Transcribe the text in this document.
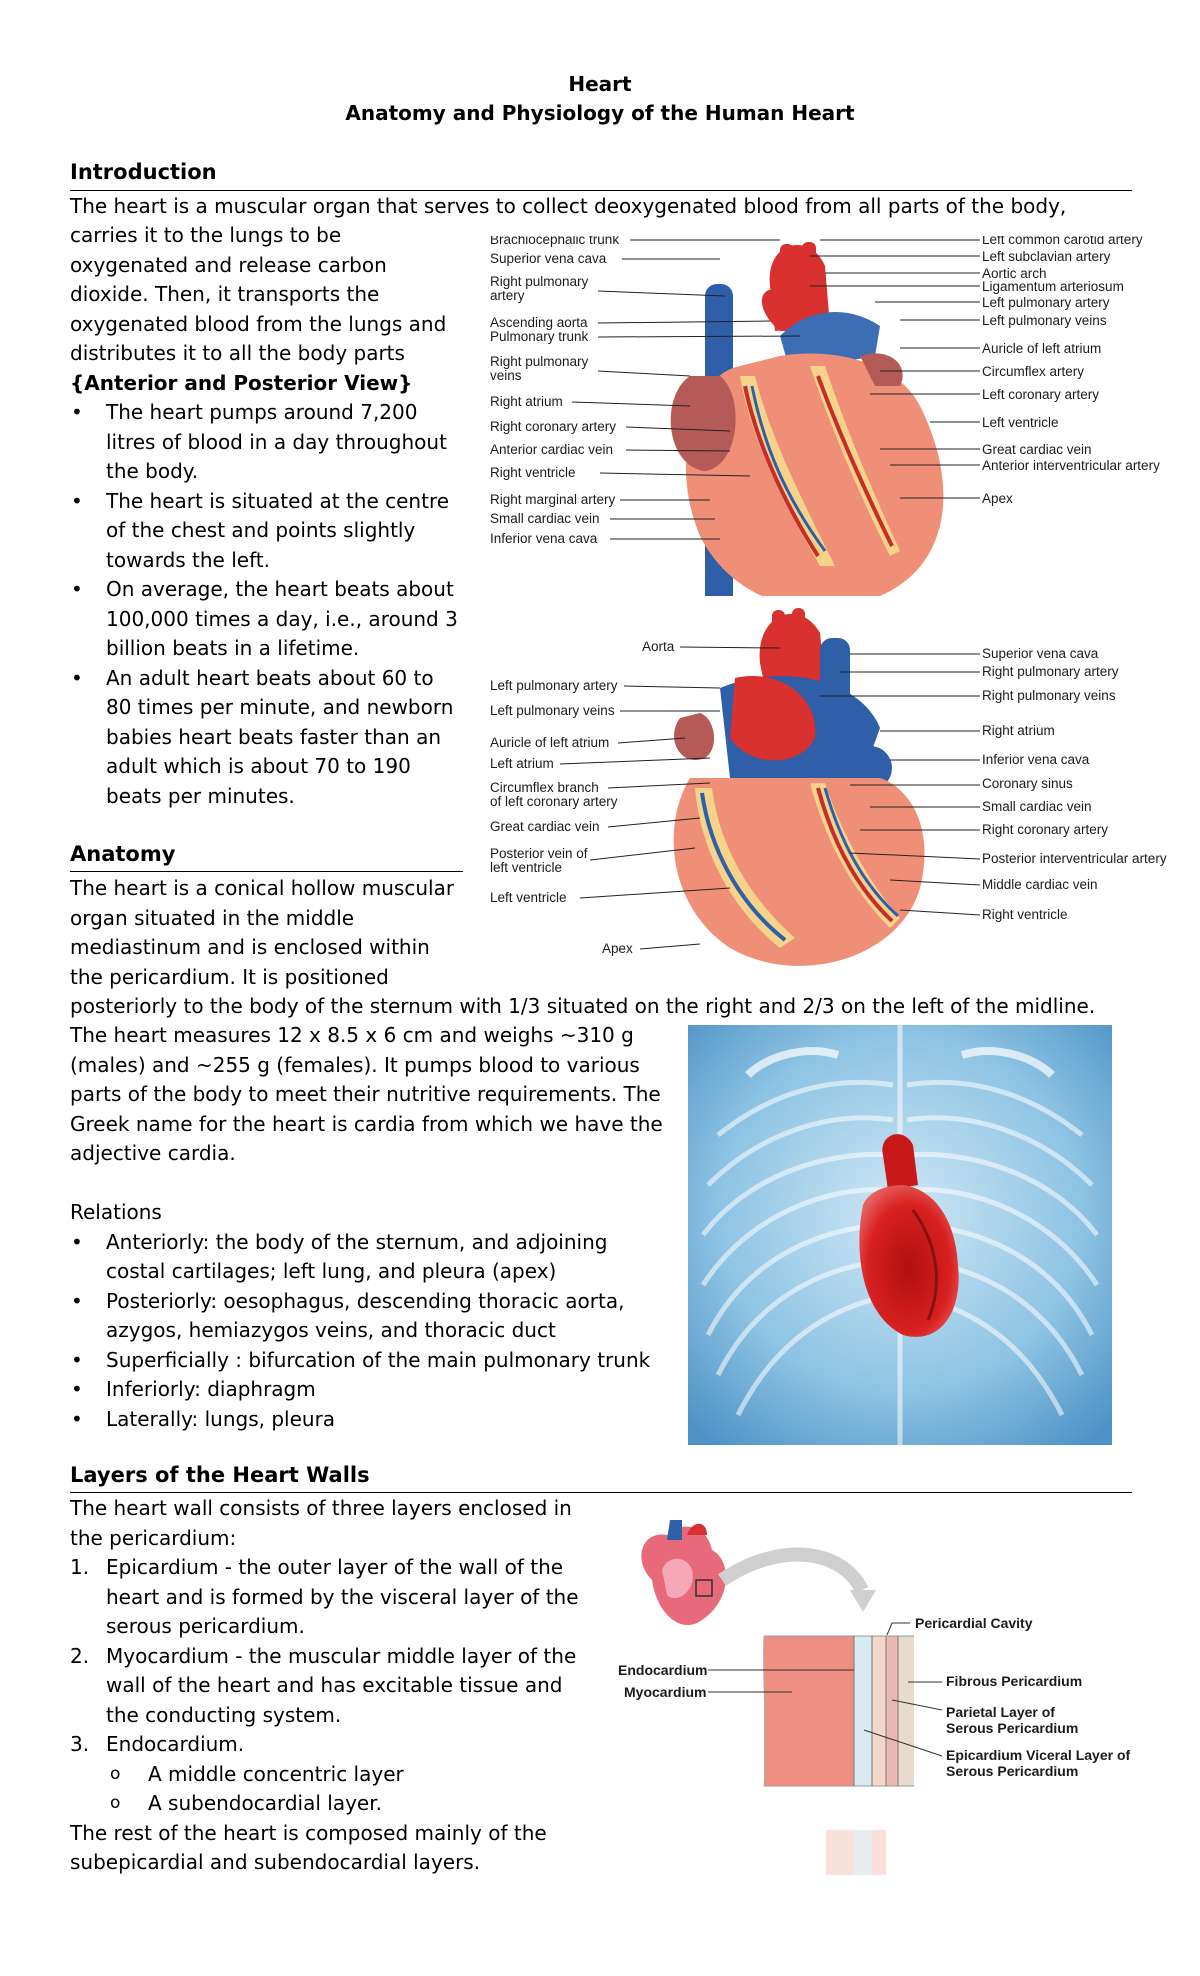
Heart
Anatomy and Physiology of the Human Heart
Introduction
The heart is a muscular organ that serves to collect deoxygenated blood from all parts of the body,
carries it to the lungs to be
oxygenated and release carbon
dioxide. Then, it transports the
oxygenated blood from the lungs and
distributes it to all the body parts
{Anterior and Posterior View}
• The heart pumps around 7,200
litres of blood in a day throughout
the body.
• The heart is situated at the centre
of the chest and points slightly
towards the left.
• On average, the heart beats about
100,000 times a day, i.e., around 3
billion beats in a lifetime.
• An adult heart beats about 60 to
80 times per minute, and newborn
babies heart beats faster than an
adult which is about 70 to 190
beats per minutes.
Brachiocephalic trunk
Superior vena cava
Right pulmonary
artery
Ascending aorta
Pulmonary trunk
Right pulmonary
veins
Right atrium
Right coronary artery
Anterior cardiac vein
Right ventricle
Right marginal artery
Small cardiac vein
Inferior vena cava
Left common carotid artery
Left subclavian artery
Aortic arch
Ligamentum arteriosum
Left pulmonary artery
Left pulmonary veins
Auricle of left atrium
Circumflex artery
Left coronary artery
Left ventricle
Great cardiac vein
Anterior interventricular artery
Apex
Aorta
Left pulmonary artery
Left pulmonary veins
Auricle of left atrium
Left atrium
Circumflex branch
of left coronary artery
Great cardiac vein
Posterior vein of
left ventricle
Left ventricle
Apex
Superior vena cava
Right pulmonary artery
Right pulmonary veins
Right atrium
Inferior vena cava
Coronary sinus
Small cardiac vein
Right coronary artery
Posterior interventricular artery
Middle cardiac vein
Right ventricle
Anatomy
The heart is a conical hollow muscular
organ situated in the middle
mediastinum and is enclosed within
the pericardium. It is positioned
posteriorly to the body of the sternum with 1/3 situated on the right and 2/3 on the left of the midline.
The heart measures 12 x 8.5 x 6 cm and weighs ~310 g
(males) and ~255 g (females). It pumps blood to various
parts of the body to meet their nutritive requirements. The
Greek name for the heart is cardia from which we have the
adjective cardia.
Relations
• Anteriorly: the body of the sternum, and adjoining
costal cartilages; left lung, and pleura (apex)
• Posteriorly: oesophagus, descending thoracic aorta,
azygos, hemiazygos veins, and thoracic duct
• Superficially : bifurcation of the main pulmonary trunk
• Inferiorly: diaphragm
• Laterally: lungs, pleura
Layers of the Heart Walls
The heart wall consists of three layers enclosed in
the pericardium:
1. Epicardium - the outer layer of the wall of the
heart and is formed by the visceral layer of the
serous pericardium.
2. Myocardium - the muscular middle layer of the
wall of the heart and has excitable tissue and
the conducting system.
3. Endocardium.
o A middle concentric layer
o A subendocardial layer.
The rest of the heart is composed mainly of the
subepicardial and subendocardial layers.
Pericardial Cavity
Endocardium
Myocardium
Fibrous Pericardium
Parietal Layer of
Serous Pericardium
Epicardium Viceral Layer of
Serous Pericardium
